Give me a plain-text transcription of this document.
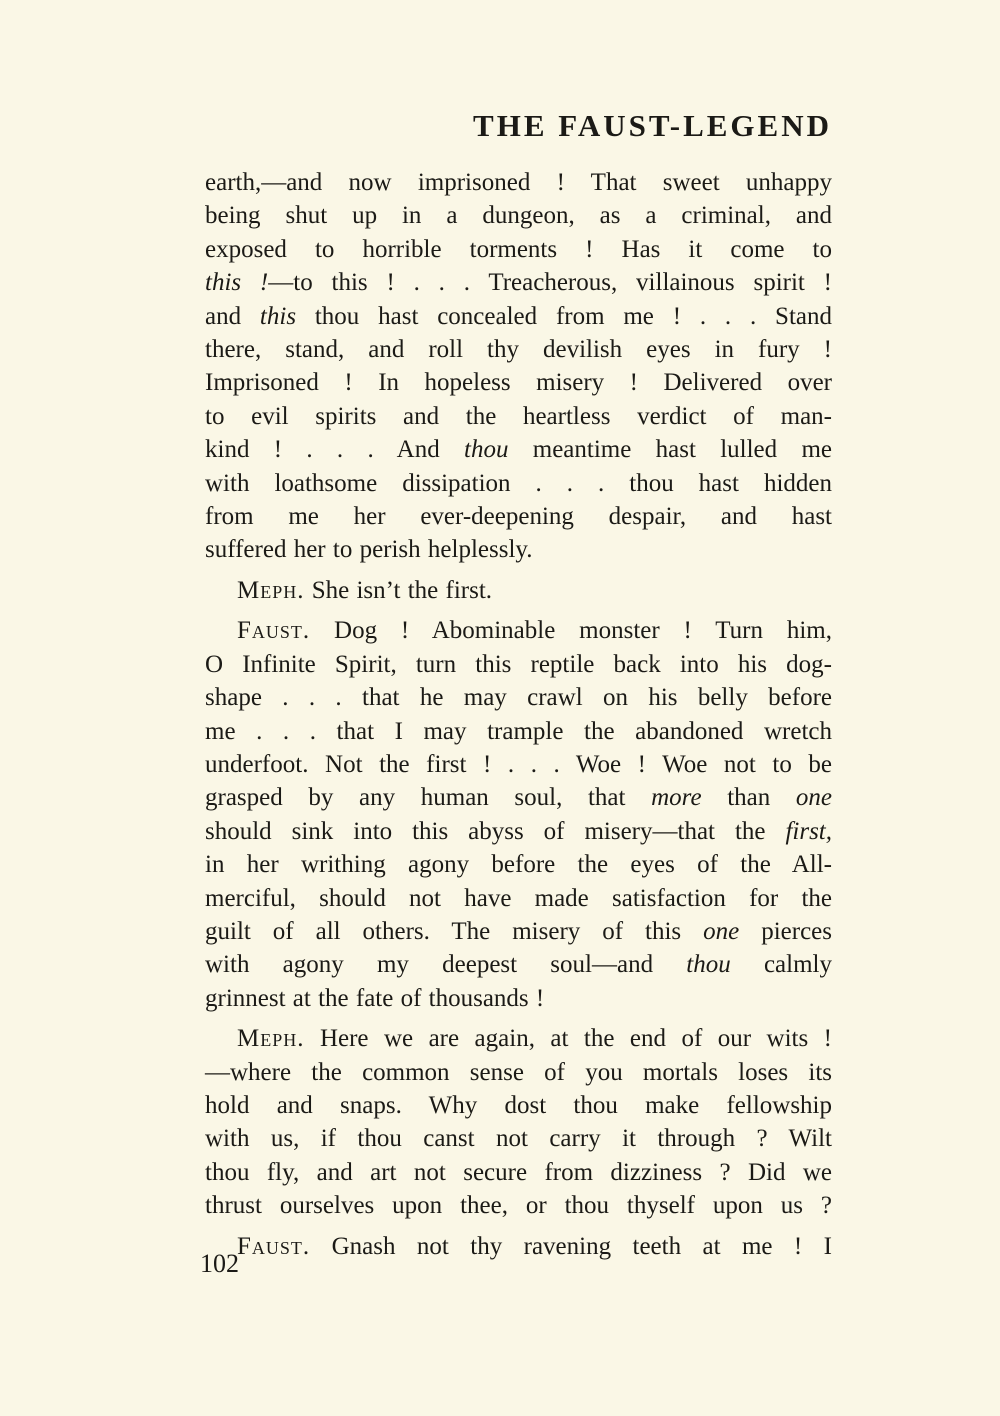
THE FAUST-LEGEND
earth,—and now imprisoned ! That sweet unhappy
being shut up in a dungeon, as a criminal, and
exposed to horrible torments ! Has it come to
this !—to this ! . . . Treacherous, villainous spirit !
and this thou hast concealed from me ! . . . Stand
there, stand, and roll thy devilish eyes in fury !
Imprisoned ! In hopeless misery ! Delivered over
to evil spirits and the heartless verdict of man-
kind ! . . . And thou meantime hast lulled me
with loathsome dissipation . . . thou hast hidden
from me her ever-deepening despair, and hast
suffered her to perish helplessly.
Meph. She isn’t the first.
Faust. Dog ! Abominable monster ! Turn him,
O Infinite Spirit, turn this reptile back into his dog-
shape . . . that he may crawl on his belly before
me . . . that I may trample the abandoned wretch
underfoot. Not the first ! . . . Woe ! Woe not to be
grasped by any human soul, that more than one
should sink into this abyss of misery—that the first,
in her writhing agony before the eyes of the All-
merciful, should not have made satisfaction for the
guilt of all others. The misery of this one pierces
with agony my deepest soul—and thou calmly
grinnest at the fate of thousands !
Meph. Here we are again, at the end of our wits !
—where the common sense of you mortals loses its
hold and snaps. Why dost thou make fellowship
with us, if thou canst not carry it through ? Wilt
thou fly, and art not secure from dizziness ? Did we
thrust ourselves upon thee, or thou thyself upon us ?
Faust. Gnash not thy ravening teeth at me ! I
102
